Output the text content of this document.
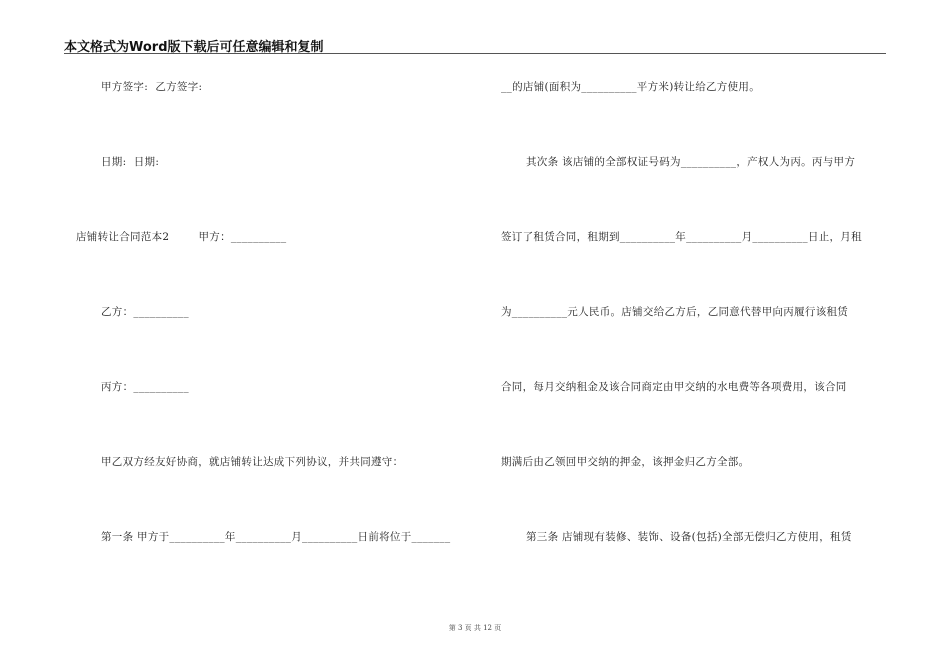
本文格式为Word版下载后可任意编辑和复制
甲方签字:  乙方签字:
日期:  日期:
店铺转让合同范本2        甲方：__________
乙方：__________
丙方：__________
甲乙双方经友好协商，就店铺转让达成下列协议，并共同遵守：
第一条 甲方于__________年__________月__________日前将位于_______
__的店铺(面积为__________平方米)转让给乙方使用。
其次条 该店铺的全部权证号码为__________，产权人为丙。丙与甲方
签订了租赁合同，租期到__________年__________月__________日止，月租
为__________元人民币。店铺交给乙方后，乙同意代替甲向丙履行该租赁
合同，每月交纳租金及该合同商定由甲交纳的水电费等各项费用，该合同
期满后由乙领回甲交纳的押金，该押金归乙方全部。
第三条 店铺现有装修、装饰、设备(包括)全部无偿归乙方使用，租赁
第 3 页 共 12 页
